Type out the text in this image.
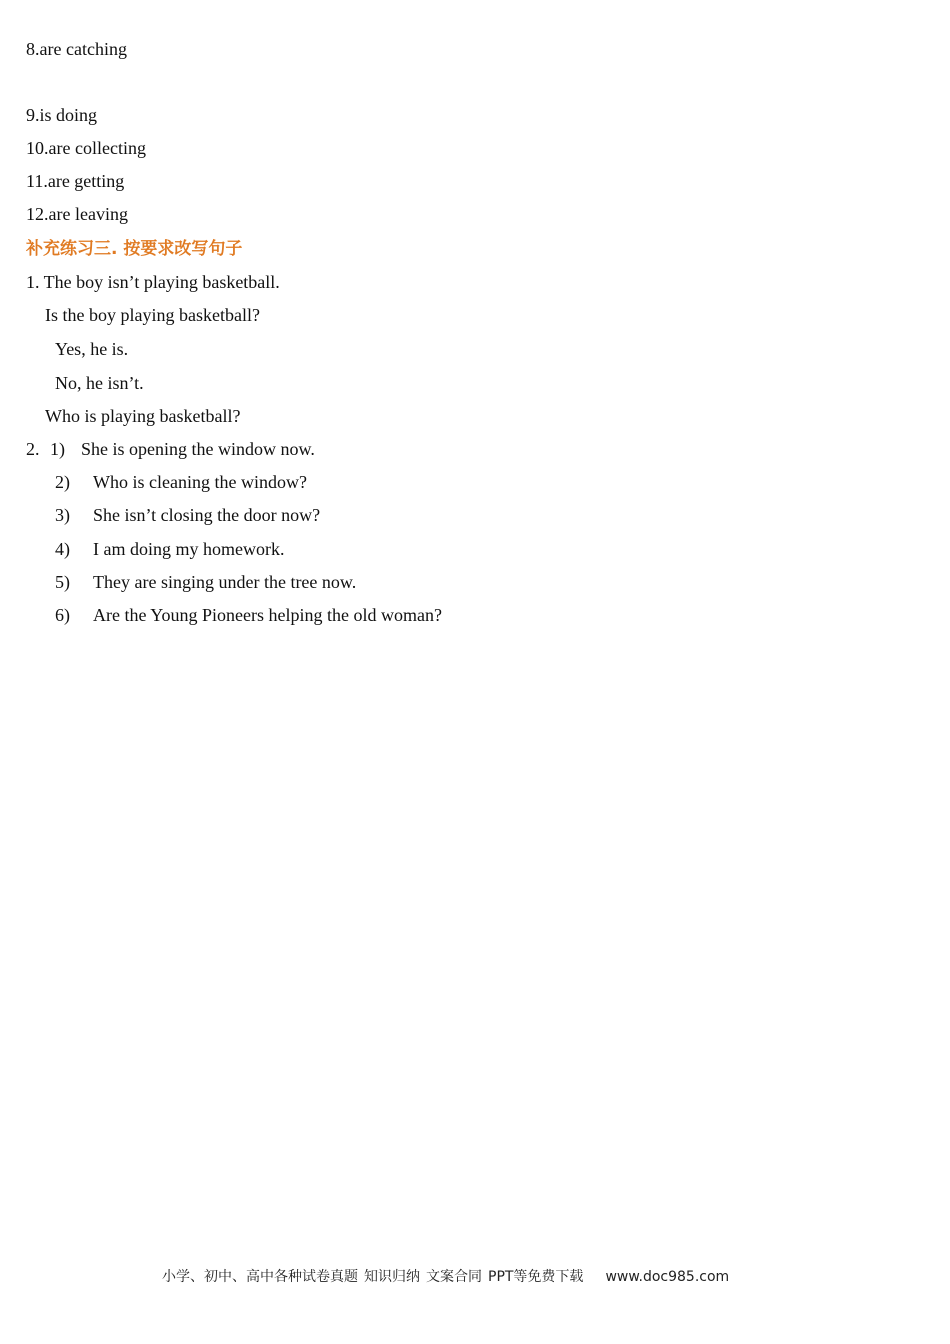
8.are catching
9.is doing
10.are collecting
11.are getting
12.are leaving
补充练习三. 按要求改写句子
1. The boy isn’t playing basketball.
Is the boy playing basketball?
Yes, he is.
No, he isn’t.
Who is playing basketball?
2. 1) She is opening the window now.
2) Who is cleaning the window?
3) She isn’t closing the door now?
4) I am doing my homework.
5) They are singing under the tree now.
6) Are the Young Pioneers helping the old woman?
小学、初中、高中各种试卷真题 知识归纳 文案合同 PPT等免费下载 www.doc985.com
